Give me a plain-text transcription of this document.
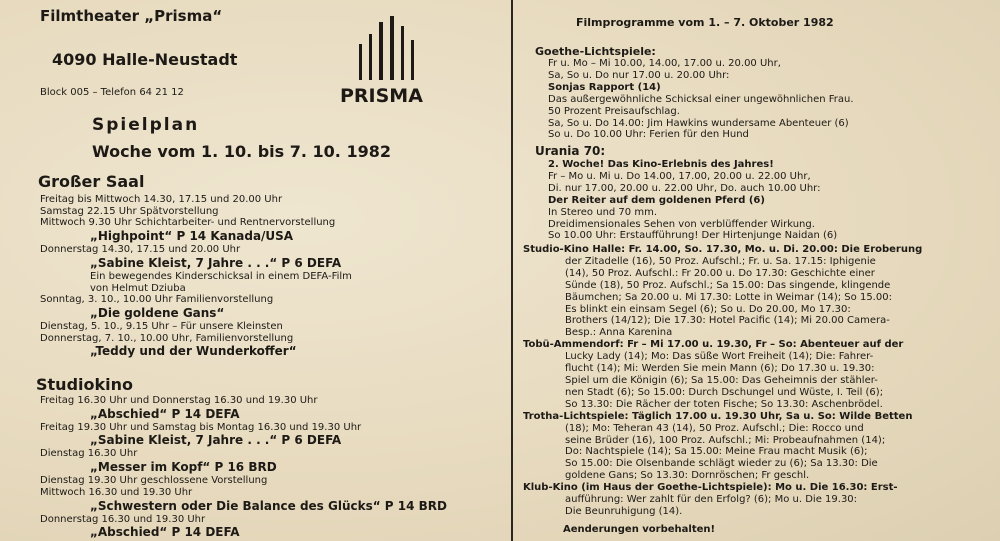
Filmtheater „Prisma“
4090 Halle-Neustadt
Block 005 – Telefon 64 21 12	PRISMA
Spielplan
Woche vom 1. 10. bis 7. 10. 1982
Großer Saal
Freitag bis Mittwoch 14.30, 17.15 und 20.00 Uhr
Samstag 22.15 Uhr Spätvorstellung
Mittwoch 9.30 Uhr Schichtarbeiter- und Rentnervorstellung
„Highpoint“ P 14 Kanada/USA
Donnerstag 14.30, 17.15 und 20.00 Uhr
„Sabine Kleist, 7 Jahre . . .“ P 6 DEFA
Ein bewegendes Kinderschicksal in einem DEFA-Film
von Helmut Dziuba
Sonntag, 3. 10., 10.00 Uhr Familienvorstellung
„Die goldene Gans“
Dienstag, 5. 10., 9.15 Uhr – Für unsere Kleinsten
Donnerstag, 7. 10., 10.00 Uhr, Familienvorstellung
„Teddy und der Wunderkoffer“
Studiokino
Freitag 16.30 Uhr und Donnerstag 16.30 und 19.30 Uhr
„Abschied“ P 14 DEFA
Freitag 19.30 Uhr und Samstag bis Montag 16.30 und 19.30 Uhr
„Sabine Kleist, 7 Jahre . . .“ P 6 DEFA
Dienstag 16.30 Uhr
„Messer im Kopf“ P 16 BRD
Dienstag 19.30 Uhr geschlossene Vorstellung
Mittwoch 16.30 und 19.30 Uhr
„Schwestern oder Die Balance des Glücks“ P 14 BRD
Donnerstag 16.30 und 19.30 Uhr
„Abschied“ P 14 DEFA
Filmprogramme vom 1. – 7. Oktober 1982
Goethe-Lichtspiele:
Fr u. Mo – Mi 10.00, 14.00, 17.00 u. 20.00 Uhr,
Sa, So u. Do nur 17.00 u. 20.00 Uhr:
Sonjas Rapport (14)
Das außergewöhnliche Schicksal einer ungewöhnlichen Frau.
50 Prozent Preisaufschlag.
Sa, So u. Do 14.00: Jim Hawkins wundersame Abenteuer (6)
So u. Do 10.00 Uhr: Ferien für den Hund
Urania 70:
2. Woche! Das Kino-Erlebnis des Jahres!
Fr – Mo u. Mi u. Do 14.00, 17.00, 20.00 u. 22.00 Uhr,
Di. nur 17.00, 20.00 u. 22.00 Uhr, Do. auch 10.00 Uhr:
Der Reiter auf dem goldenen Pferd (6)
In Stereo und 70 mm.
Dreidimensionales Sehen von verblüffender Wirkung.
So 10.00 Uhr: Erstaufführung! Der Hirtenjunge Naidan (6)
Studio-Kino Halle: Fr. 14.00, So. 17.30, Mo. u. Di. 20.00: Die Eroberung
der Zitadelle (16), 50 Proz. Aufschl.; Fr. u. Sa. 17.15: Iphigenie
(14), 50 Proz. Aufschl.: Fr 20.00 u. Do 17.30: Geschichte einer
Sünde (18), 50 Proz. Aufschl.; Sa 15.00: Das singende, klingende
Bäumchen; Sa 20.00 u. Mi 17.30: Lotte in Weimar (14); So 15.00:
Es blinkt ein einsam Segel (6); So u. Do 20.00, Mo 17.30:
Brothers (14/12); Die 17.30: Hotel Pacific (14); Mi 20.00 Camera-
Besp.: Anna Karenina
Tobü-Ammendorf: Fr – Mi 17.00 u. 19.30, Fr – So: Abenteuer auf der
Lucky Lady (14); Mo: Das süße Wort Freiheit (14); Die: Fahrer-
flucht (14); Mi: Werden Sie mein Mann (6); Do 17.30 u. 19.30:
Spiel um die Königin (6); Sa 15.00: Das Geheimnis der stähler-
nen Stadt (6); So 15.00: Durch Dschungel und Wüste, I. Teil (6);
So 13.30: Die Rächer der toten Fische; So 13.30: Aschenbrödel.
Trotha-Lichtspiele: Täglich 17.00 u. 19.30 Uhr, Sa u. So: Wilde Betten
(18); Mo: Teheran 43 (14), 50 Proz. Aufschl.; Die: Rocco und
seine Brüder (16), 100 Proz. Aufschl.; Mi: Probeaufnahmen (14);
Do: Nachtspiele (14); Sa 15.00: Meine Frau macht Musik (6);
So 15.00: Die Olsenbande schlägt wieder zu (6); Sa 13.30: Die
goldene Gans; So 13.30: Dornröschen; Fr geschl.
Klub-Kino (im Haus der Goethe-Lichtspiele): Mo u. Die 16.30: Erst-
aufführung: Wer zahlt für den Erfolg? (6); Mo u. Die 19.30:
Die Beunruhigung (14).
Aenderungen vorbehalten!
